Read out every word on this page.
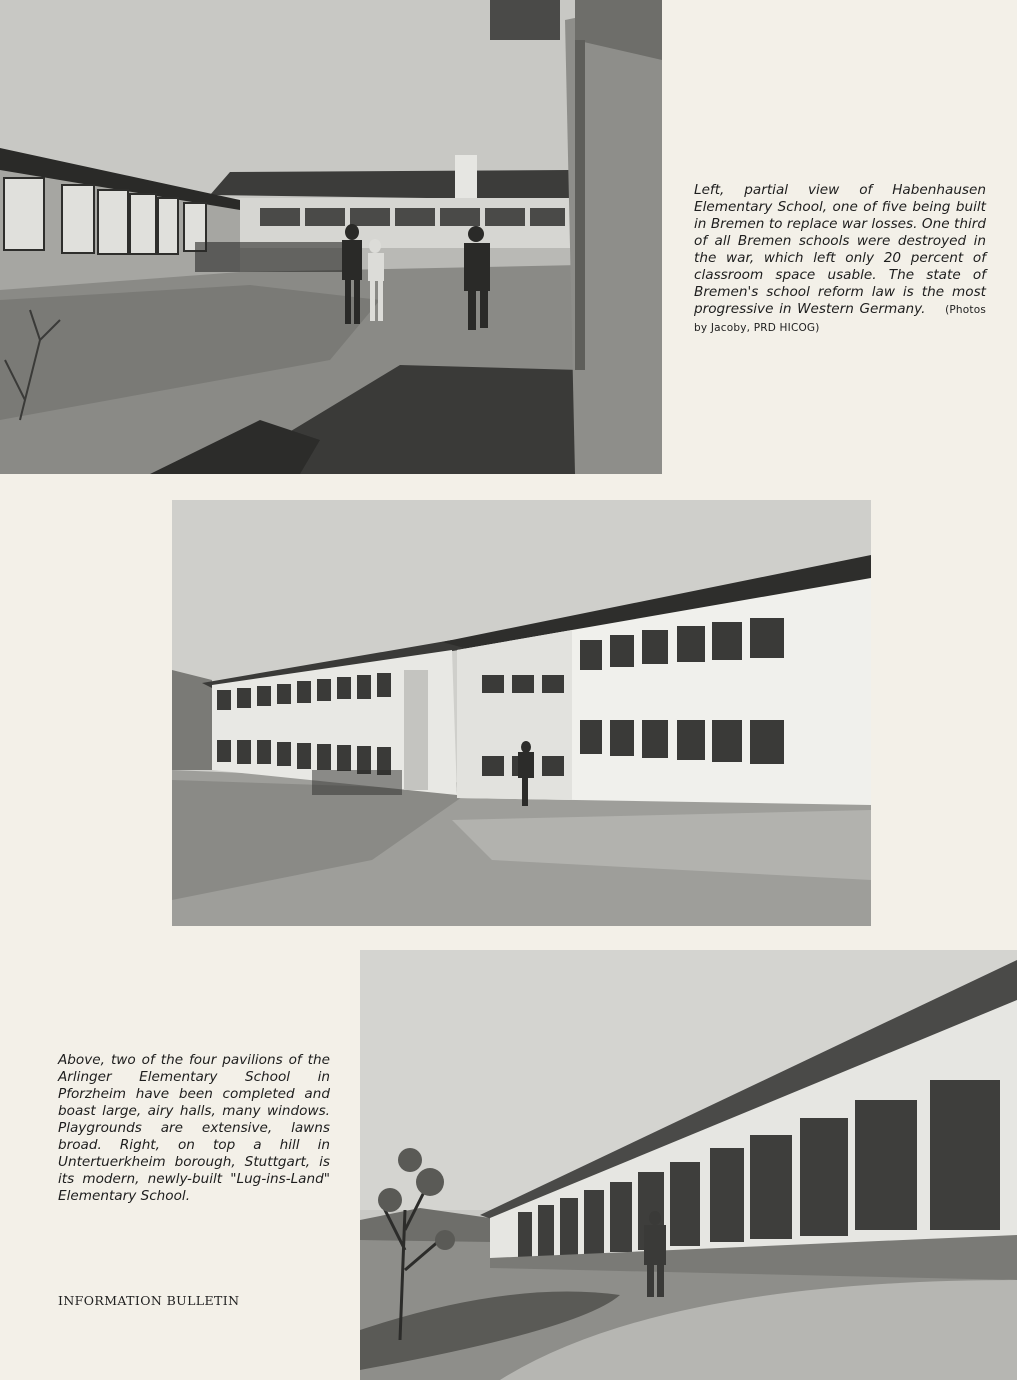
Left, partial view of Habenhausen Elementary School, one of five being built in Bremen to replace war losses. One third of all Bremen schools were destroyed in the war, which left only 20 percent of classroom space usable. The state of Bremen's school reform law is the most progressive in Western Germany. (Photos by Jacoby, PRD HICOG)
Above, two of the four pavilions of the Arlinger Elementary School in Pforzheim have been completed and boast large, airy halls, many windows. Playgrounds are extensive, lawns broad. Right, on top a hill in Untertuerkheim borough, Stuttgart, is its modern, newly-built "Lug-ins-Land" Elementary School.
INFORMATION BULLETIN
